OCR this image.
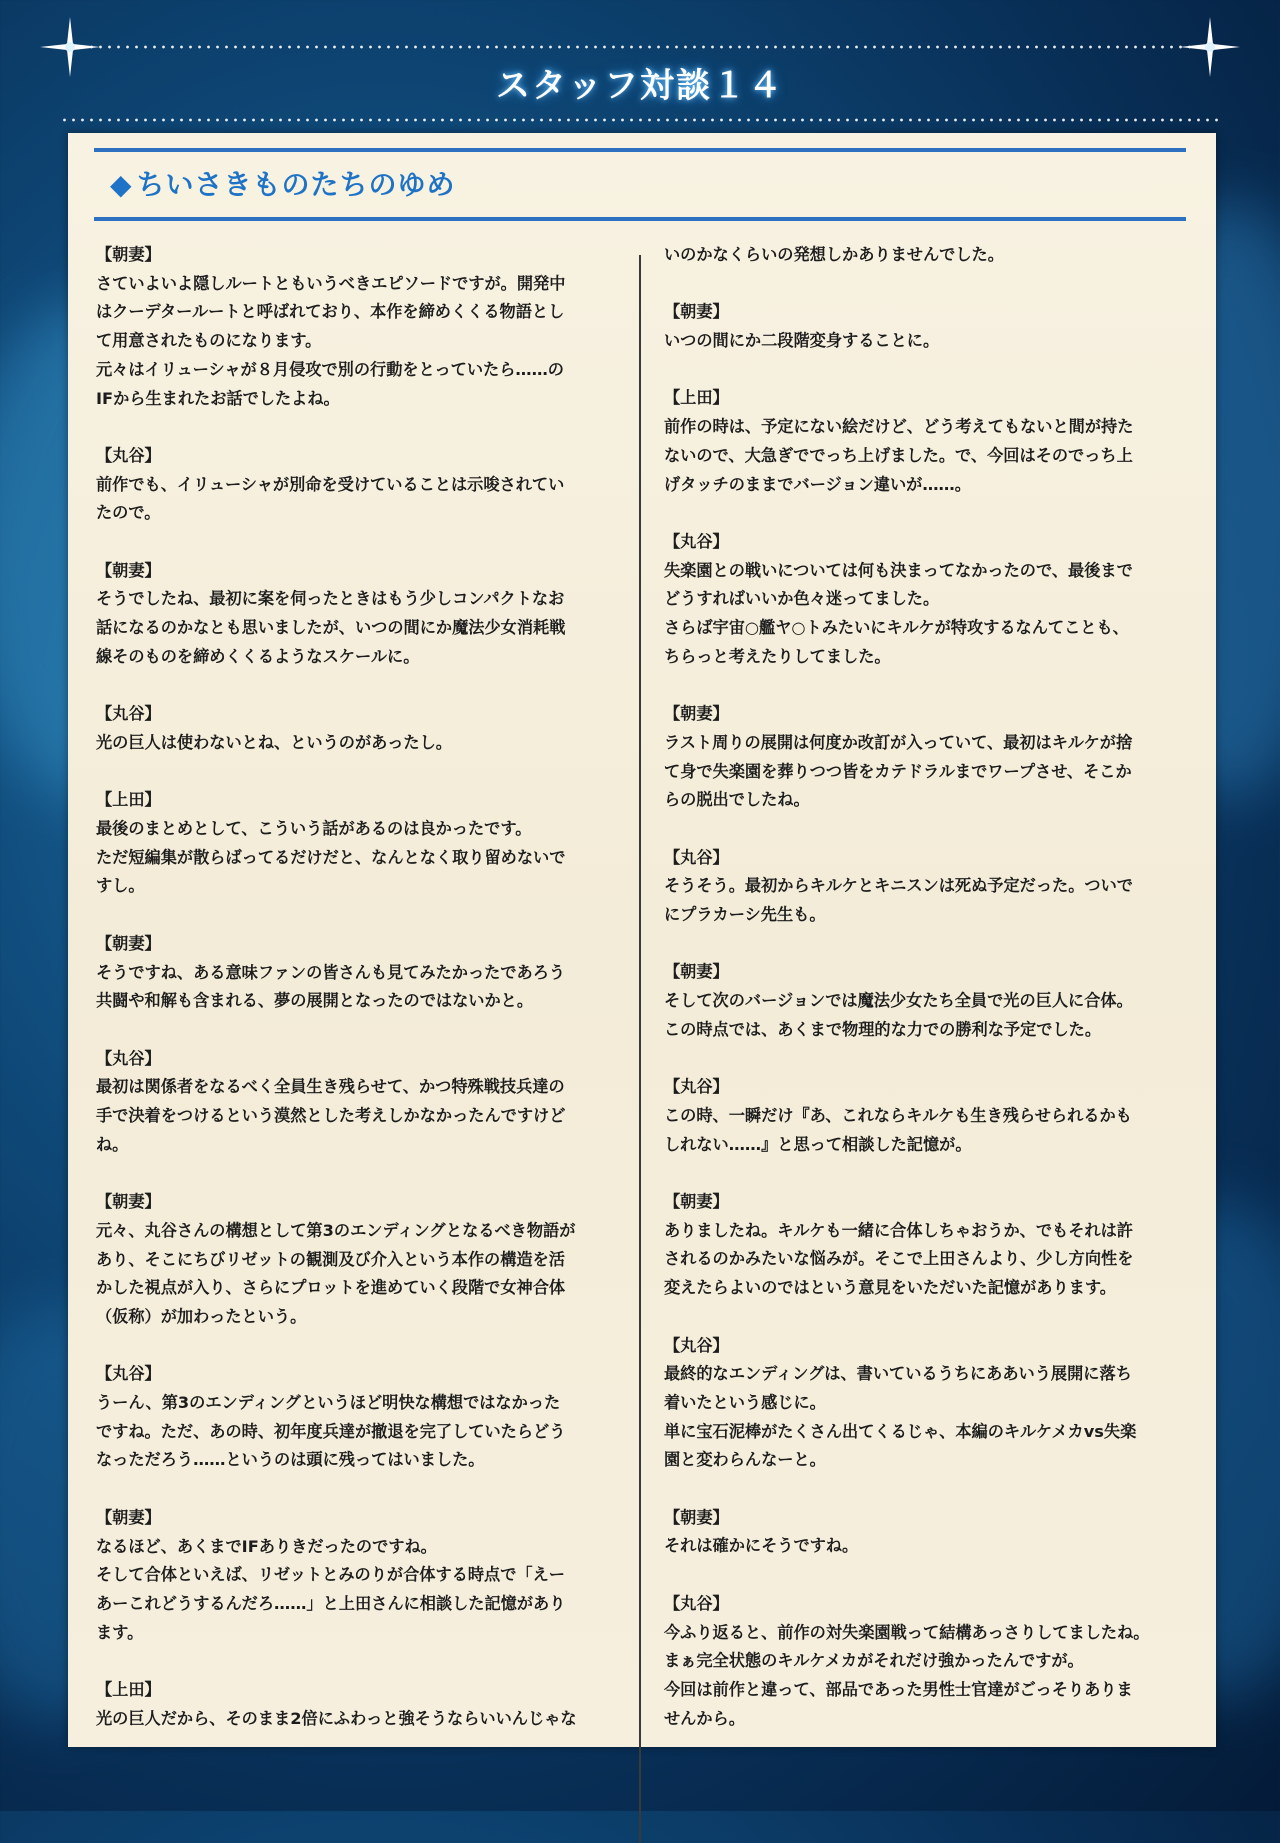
スタッフ対談１４
◆ ちいさきものたちのゆめ
【朝妻】

さていよいよ隠しルートともいうべきエピソードですが。開発中

はクーデタールートと呼ばれており、本作を締めくくる物語とし

て用意されたものになります。

元々はイリューシャが８月侵攻で別の行動をとっていたら……の

IFから生まれたお話でしたよね。

【丸谷】

前作でも、イリューシャが別命を受けていることは示唆されてい

たので。

【朝妻】

そうでしたね、最初に案を伺ったときはもう少しコンパクトなお

話になるのかなとも思いましたが、いつの間にか魔法少女消耗戦

線そのものを締めくくるようなスケールに。

【丸谷】

光の巨人は使わないとね、というのがあったし。

【上田】

最後のまとめとして、こういう話があるのは良かったです。

ただ短編集が散らばってるだけだと、なんとなく取り留めないで

すし。

【朝妻】

そうですね、ある意味ファンの皆さんも見てみたかったであろう

共闘や和解も含まれる、夢の展開となったのではないかと。

【丸谷】

最初は関係者をなるべく全員生き残らせて、かつ特殊戦技兵達の

手で決着をつけるという漠然とした考えしかなかったんですけど

ね。

【朝妻】

元々、丸谷さんの構想として第3のエンディングとなるべき物語が

あり、そこにちびリゼットの観測及び介入という本作の構造を活

かした視点が入り、さらにプロットを進めていく段階で女神合体

（仮称）が加わったという。

【丸谷】

うーん、第3のエンディングというほど明快な構想ではなかった

ですね。ただ、あの時、初年度兵達が撤退を完了していたらどう

なっただろう……というのは頭に残ってはいました。

【朝妻】

なるほど、あくまでIFありきだったのですね。

そして合体といえば、リゼットとみのりが合体する時点で「えー

あーこれどうするんだろ……」と上田さんに相談した記憶があり

ます。

【上田】

光の巨人だから、そのまま2倍にふわっと強そうならいいんじゃな

いのかなくらいの発想しかありませんでした。

【朝妻】

いつの間にか二段階変身することに。

【上田】

前作の時は、予定にない絵だけど、どう考えてもないと間が持た

ないので、大急ぎででっち上げました。で、今回はそのでっち上

げタッチのままでバージョン違いが……。

【丸谷】

失楽園との戦いについては何も決まってなかったので、最後まで

どうすればいいか色々迷ってました。

さらば宇宙○艦ヤ○トみたいにキルケが特攻するなんてことも、

ちらっと考えたりしてました。

【朝妻】

ラスト周りの展開は何度か改訂が入っていて、最初はキルケが捨

て身で失楽園を葬りつつ皆をカテドラルまでワープさせ、そこか

らの脱出でしたね。

【丸谷】

そうそう。最初からキルケとキニスンは死ぬ予定だった。ついで

にプラカーシ先生も。

【朝妻】

そして次のバージョンでは魔法少女たち全員で光の巨人に合体。

この時点では、あくまで物理的な力での勝利な予定でした。

【丸谷】

この時、一瞬だけ『あ、これならキルケも生き残らせられるかも

しれない……』と思って相談した記憶が。

【朝妻】

ありましたね。キルケも一緒に合体しちゃおうか、でもそれは許

されるのかみたいな悩みが。そこで上田さんより、少し方向性を

変えたらよいのではという意見をいただいた記憶があります。

【丸谷】

最終的なエンディングは、書いているうちにああいう展開に落ち

着いたという感じに。

単に宝石泥棒がたくさん出てくるじゃ、本編のキルケメカvs失楽

園と変わらんなーと。

【朝妻】

それは確かにそうですね。

【丸谷】

今ふり返ると、前作の対失楽園戦って結構あっさりしてましたね。

まぁ完全状態のキルケメカがそれだけ強かったんですが。

今回は前作と違って、部品であった男性士官達がごっそりありま

せんから。
